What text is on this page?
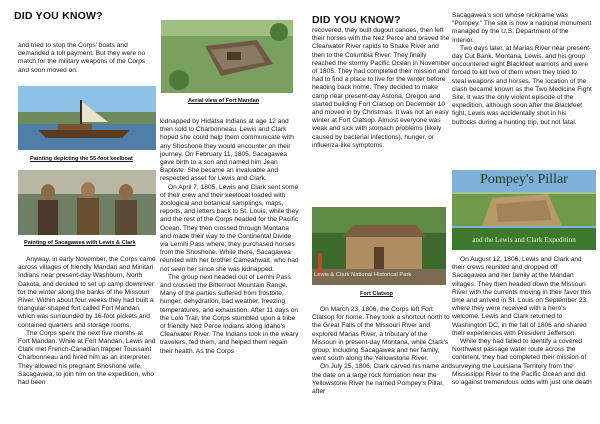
DID YOU KNOW?

and tried to stop the Corps' boats and demanded a toll payment. But they were no match for the military weapons of the Corps and soon moved on.

Painting depicting the 55-foot keelboat
Painting of Sacagawea with Lewis & Clark

Anyway, in early November, the Corps came across villages of friendly Mandan and Minitari Indians near present-day Washburn, North Dakota, and decided to set up camp downriver for the winter along the banks of the Missouri River. Within about four weeks they had built a triangular-shaped fort called Fort Mandan, which was surrounded by 16-foot pickets and contained quarters and storage rooms.

The Corps spent the next five months at Fort Mandan. While at Fort Mandan, Lewis and Clark met French-Canadian trapper Toussaint Charbonneau and hired him as an interpreter. They allowed his pregnant Shoshone wife, Sacagawea, to join him on the expedition, who had been

Aerial view of Fort Mandan

kidnapped by Hidatsa Indians at age 12 and then sold to Charbonneau. Lewis and Clark hoped she could help them communicate with any Shoshone they would encounter on their journey. On February 11, 1805, Sacagawea gave birth to a son and named him Jean Baptiste. She became an invaluable and respected asset for Lewis and Clark.

On April 7, 1805, Lewis and Clark sent some of their crew and their keelboat loaded with zoological and botanical samplings, maps, reports, and letters back to St. Louis, while they and the rest of the Corps headed for the Pacific Ocean. They then crossed through Montana and made their way to the Continental Divide via Lemhi Pass where; they purchased horses from the Shoshone. While there, Sacagawea reunited with her brother Cameahwait, who had not seen her since she was kidnapped.

The group next headed out of Lemhi Pass and crossed the Bitterroot Mountain Range. Many of the parties suffered from frostbite, hunger, dehydration, bad weather, freezing temperatures, and exhaustion. After 11 days on the Lolo Trail, the Corps stumbled upon a tribe of friendly Nez Perce Indians along Idaho's Clearwater River. The Indians took in the weary travelers, fed them, and helped them regain their health. As the Corps

DID YOU KNOW?

recovered, they built dugout canoes, then left their horses with the Nez Perce and braved the Clearwater River rapids to Snake River and then to the Columbia River. They finally reached the stormy Pacific Ocean in November of 1805. They had completed their mission and had to find a place to live for the winter before heading back home. They decided to make camp near present-day Astoria, Oregon and started building Fort Clatsop on December 10 and moved in by Christmas. It was not an easy winter at Fort Clatsop. Almost everyone was weak and sick with stomach problems (likely caused by bacterial infections), hunger, or influenza-like symptoms.

Lewis & Clark National Historical Park
Fort Clatsop

On March 23, 1806, the Corps left Fort Clatsop for home. They took a shortcut north to the Great Falls of the Missouri River and explored Marias River, a tributary of the Missouri in present-day Montana, while Clark's group, including Sacagawea and her family, went south along the Yellowstone River.

On July 25, 1806, Clark carved his name and the date on a large rock formation near the Yellowstone River he named Pompey's Pillar, after

Sacagawea's son whose nickname was "Pompey." The site is now a national monument managed by the U.S. Department of the Interior.

Two days later, at Marias River near present-day Cut Bank, Montana, Lewis, and his group encountered eight Blackfeet warriors and were forced to kill two of them when they tried to steal weapons and horses. The location of the clash became known as the Two Medicine Fight Site. It was the only violent episode of the expedition, although soon after the Blackfeet fight, Lewis was accidentally shot in his buttocks during a hunting trip, but not fatal.

Pompey's Pillar
and the Lewis and Clark Expedition

On August 12, 1806, Lewis and Clark and their crews reunited and dropped off Sacagawea and her family at the Mandan villages. They then headed down the Missouri River with the currents moving in their favor this time and arrived in St. Louis on September 23, where they were received with a hero's welcome. Lewis and Clark returned to Washington DC, in the fall of 1806 and shared their experiences with President Jefferson.

While they had failed to identify a covered Northwest passage water route across the continent, they had completed their mission of surveying the Louisiana Territory from the Mississippi River to the Pacific Ocean and did so against tremendous odds with just one death
